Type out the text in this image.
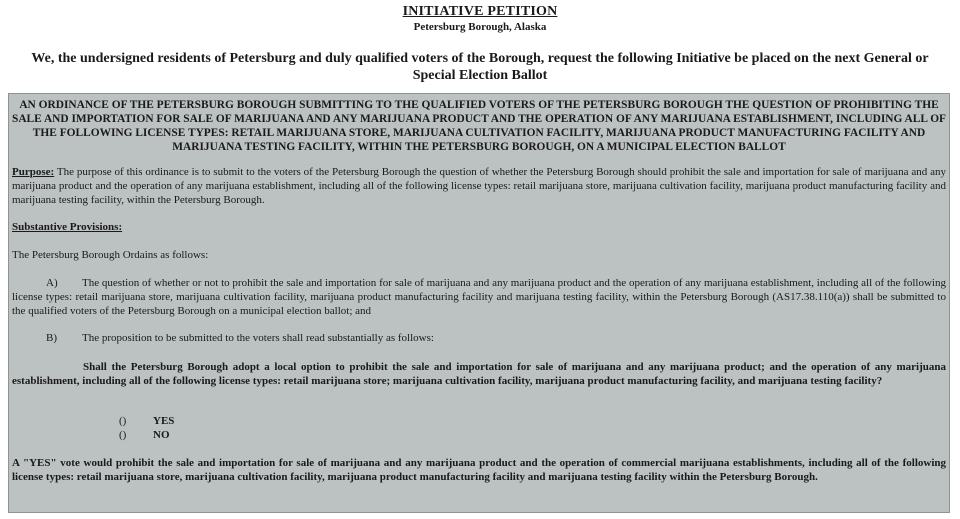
INITIATIVE PETITION
Petersburg Borough, Alaska
We, the undersigned residents of Petersburg and duly qualified voters of the Borough, request the following Initiative be placed on the next General or Special Election Ballot
AN ORDINANCE OF THE PETERSBURG BOROUGH SUBMITTING TO THE QUALIFIED VOTERS OF THE PETERSBURG BOROUGH THE QUESTION OF PROHIBITING THE SALE AND IMPORTATION FOR SALE OF MARIJUANA AND ANY MARIJUANA PRODUCT AND THE OPERATION OF ANY MARIJUANA ESTABLISHMENT, INCLUDING ALL OF THE FOLLOWING LICENSE TYPES: RETAIL MARIJUANA STORE, MARIJUANA CULTIVATION FACILITY, MARIJUANA PRODUCT MANUFACTURING FACILITY AND MARIJUANA TESTING FACILITY, WITHIN THE PETERSBURG BOROUGH, ON A MUNICIPAL ELECTION BALLOT
Purpose: The purpose of this ordinance is to submit to the voters of the Petersburg Borough the question of whether the Petersburg Borough should prohibit the sale and importation for sale of marijuana and any marijuana product and the operation of any marijuana establishment, including all of the following license types: retail marijuana store, marijuana cultivation facility, marijuana product manufacturing facility and marijuana testing facility, within the Petersburg Borough.
Substantive Provisions:
The Petersburg Borough Ordains as follows:
A) The question of whether or not to prohibit the sale and importation for sale of marijuana and any marijuana product and the operation of any marijuana establishment, including all of the following license types: retail marijuana store, marijuana cultivation facility, marijuana product manufacturing facility and marijuana testing facility, within the Petersburg Borough (AS17.38.110(a)) shall be submitted to the qualified voters of the Petersburg Borough on a municipal election ballot; and
B) The proposition to be submitted to the voters shall read substantially as follows:
Shall the Petersburg Borough adopt a local option to prohibit the sale and importation for sale of marijuana and any marijuana product; and the operation of any marijuana establishment, including all of the following license types: retail marijuana store; marijuana cultivation facility, marijuana product manufacturing facility, and marijuana testing facility?
()	YES
()	NO
A "YES" vote would prohibit the sale and importation for sale of marijuana and any marijuana product and the operation of commercial marijuana establishments, including all of the following license types: retail marijuana store, marijuana cultivation facility, marijuana product manufacturing facility and marijuana testing facility within the Petersburg Borough.
